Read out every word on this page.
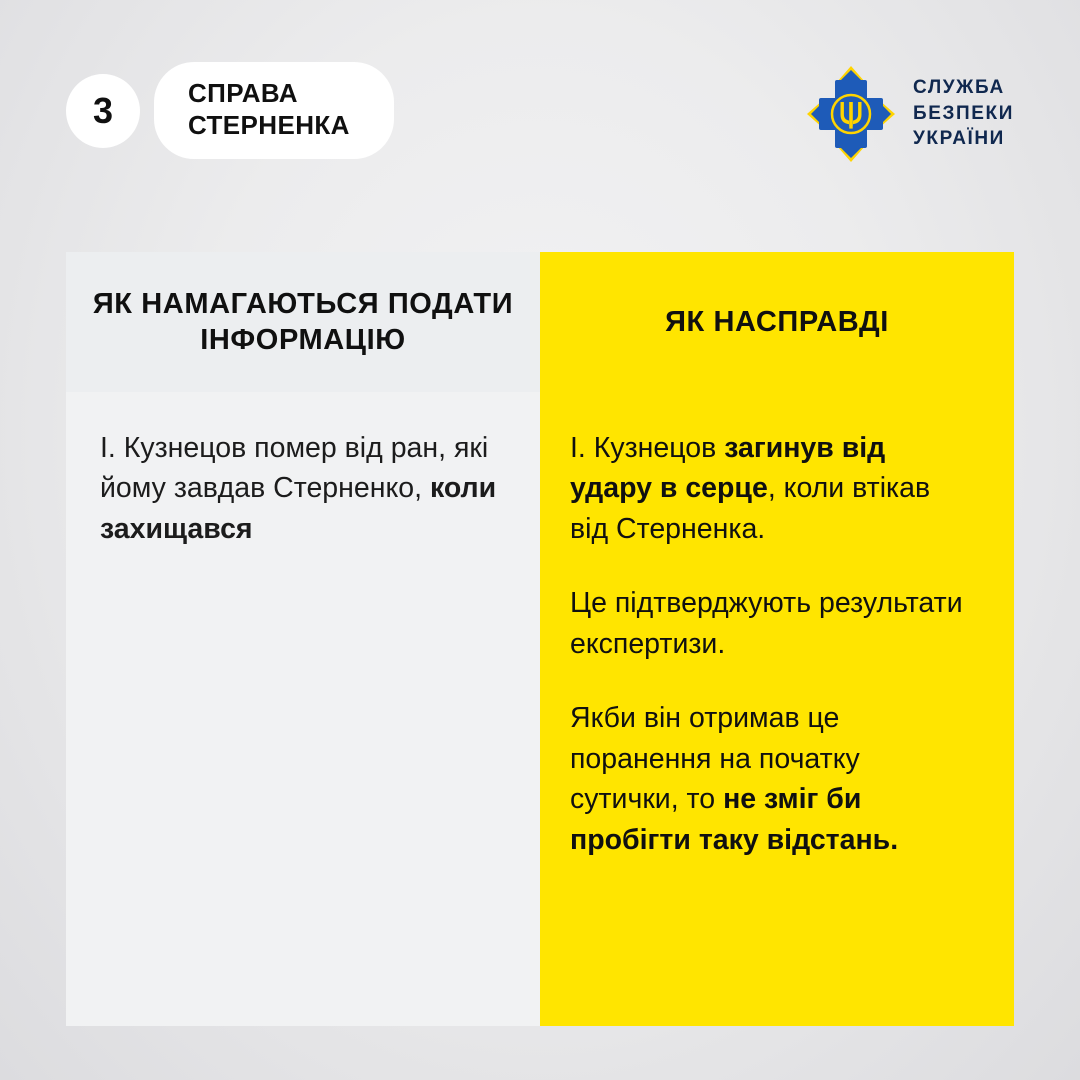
3	СПРАВА
СТЕРНЕНКА
СЛУЖБА
БЕЗПЕКИ
УКРАЇНИ
ЯК НАМАГАЮТЬСЯ ПОДАТИ ІНФОРМАЦІЮ

І. Кузнецов помер від ран, які йому завдав Стерненко, коли захищався

ЯК НАСПРАВДІ

І. Кузнецов загинув від удару в серце, коли втікав від Стерненка.

Це підтверджують результати експертизи.

Якби він отримав це поранення на початку сутички, то не зміг би пробігти таку відстань.
